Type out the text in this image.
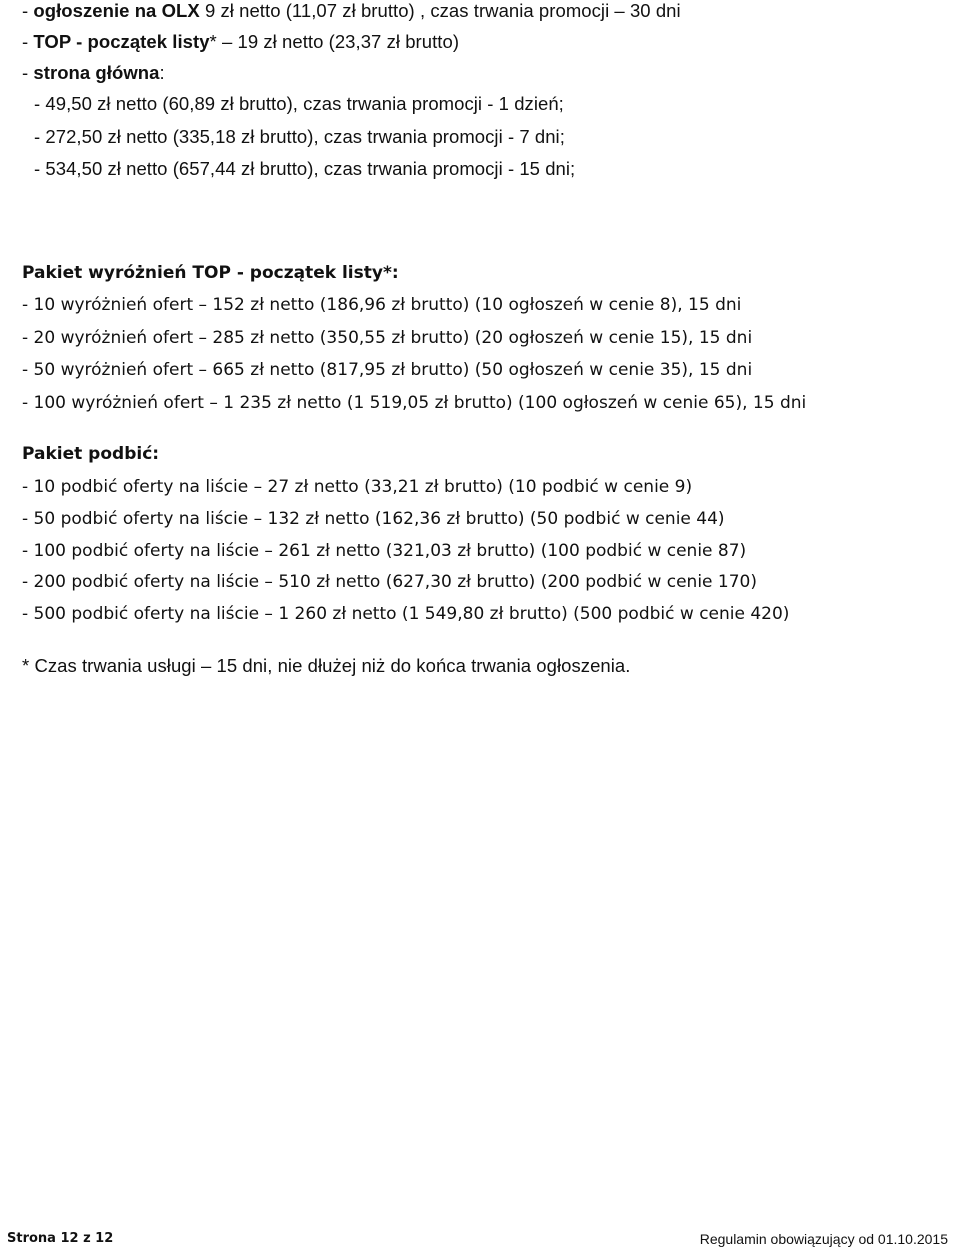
- ogłoszenie na OLX 9 zł netto (11,07 zł brutto) , czas trwania promocji – 30 dni
- TOP - początek listy* – 19 zł netto (23,37 zł brutto)
- strona główna:
- 49,50 zł netto (60,89 zł brutto), czas trwania promocji - 1 dzień;
- 272,50 zł netto (335,18 zł brutto), czas trwania promocji - 7 dni;
- 534,50 zł netto (657,44 zł brutto), czas trwania promocji - 15 dni;
Pakiet wyróżnień TOP - początek listy*:
- 10 wyróżnień ofert – 152 zł netto (186,96 zł brutto) (10 ogłoszeń w cenie 8), 15 dni
- 20 wyróżnień ofert – 285 zł netto (350,55 zł brutto) (20 ogłoszeń w cenie 15), 15 dni
- 50 wyróżnień ofert – 665 zł netto (817,95 zł brutto) (50 ogłoszeń w cenie 35), 15 dni
- 100 wyróżnień ofert – 1 235 zł netto (1 519,05 zł brutto) (100 ogłoszeń w cenie 65), 15 dni
Pakiet podbić:
- 10 podbić oferty na liście – 27 zł netto (33,21 zł brutto) (10 podbić w cenie 9)
- 50 podbić oferty na liście – 132 zł netto (162,36 zł brutto) (50 podbić w cenie 44)
- 100 podbić oferty na liście – 261 zł netto (321,03 zł brutto) (100 podbić w cenie 87)
- 200 podbić oferty na liście – 510 zł netto (627,30 zł brutto) (200 podbić w cenie 170)
- 500 podbić oferty na liście – 1 260 zł netto (1 549,80 zł brutto) (500 podbić w cenie 420)
* Czas trwania usługi – 15 dni, nie dłużej niż do końca trwania ogłoszenia.
Strona 12 z 12	Regulamin obowiązujący od 01.10.2015
